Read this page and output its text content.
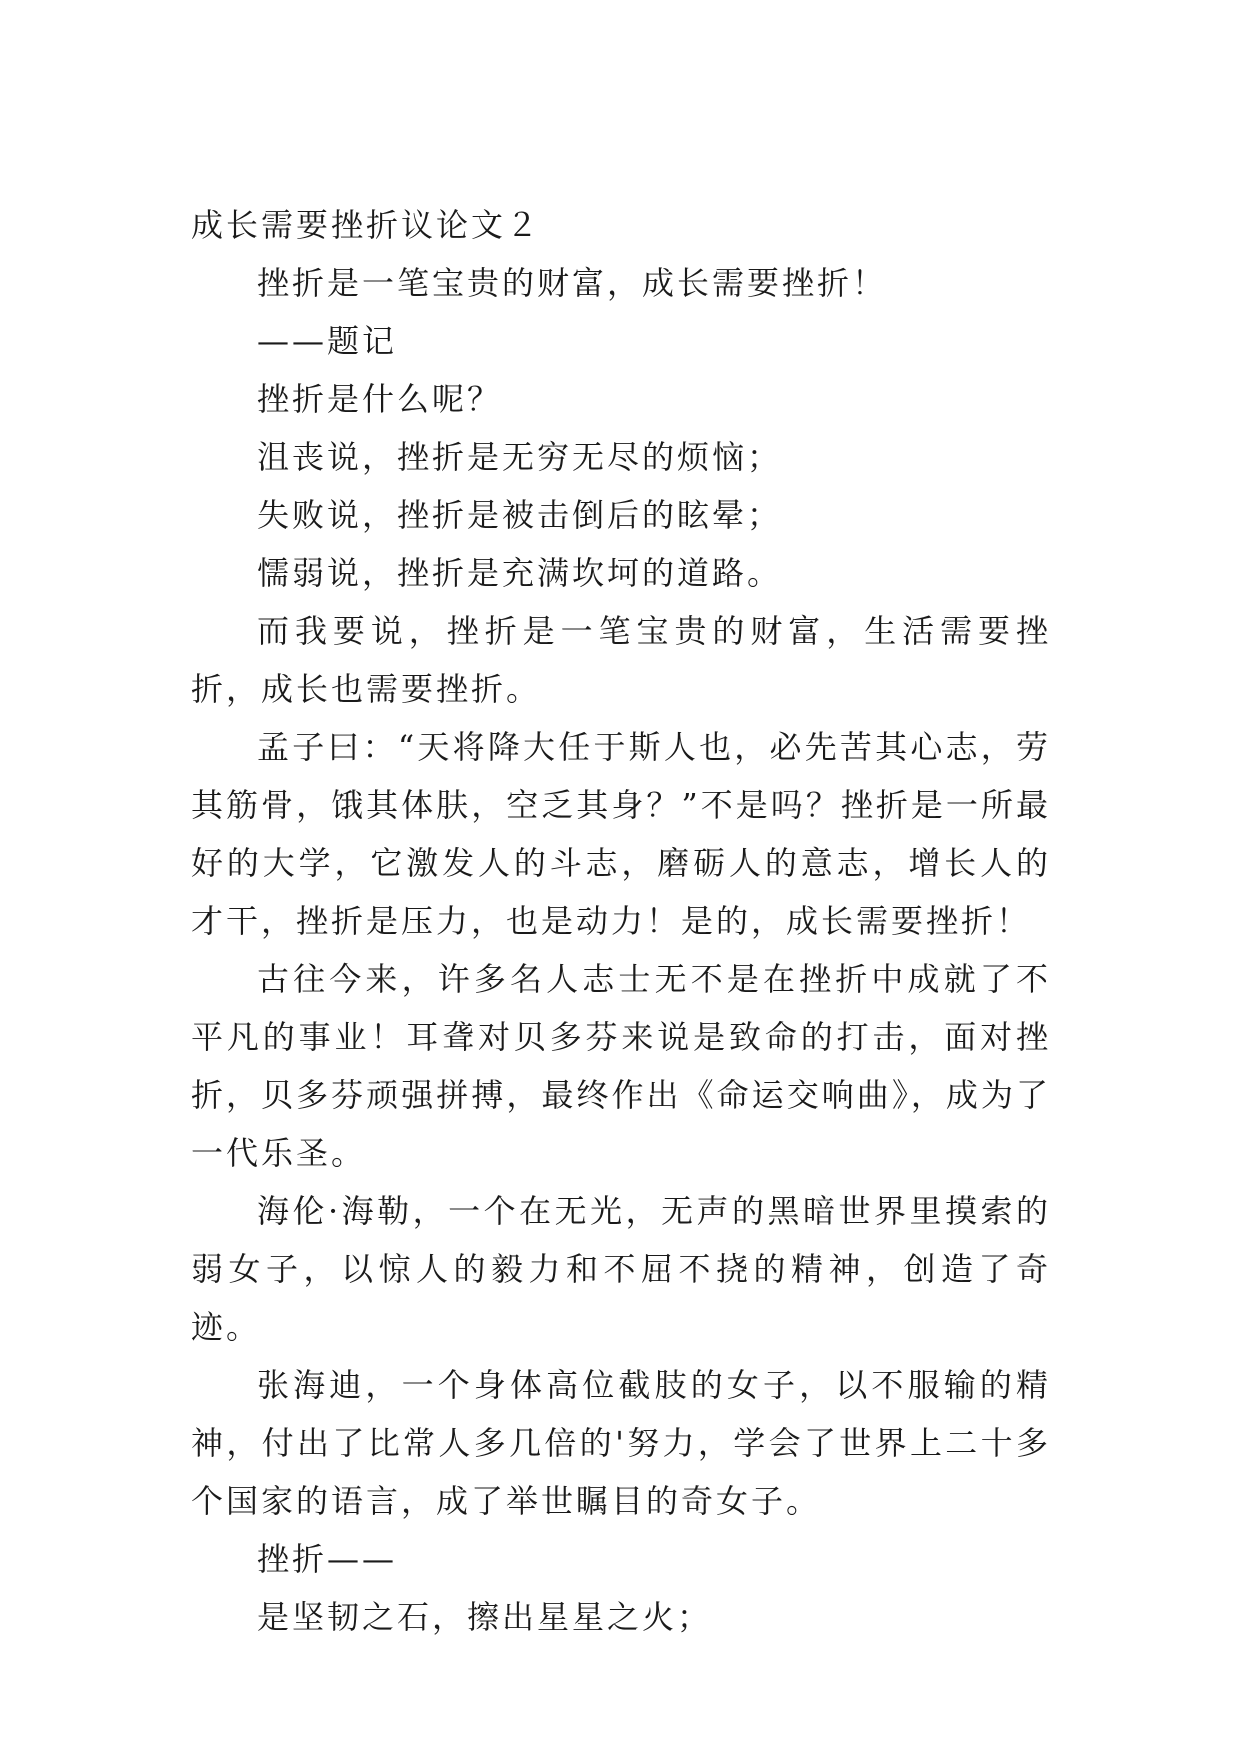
成长需要挫折议论文２

挫折是一笔宝贵的财富，成长需要挫折！

——题记

挫折是什么呢？

沮丧说，挫折是无穷无尽的烦恼；

失败说，挫折是被击倒后的眩晕；

懦弱说，挫折是充满坎坷的道路。

而我要说，挫折是一笔宝贵的财富，生活需要挫折，成长也需要挫折。

孟子曰：“天将降大任于斯人也，必先苦其心志，劳其筋骨，饿其体肤，空乏其身？”不是吗？挫折是一所最好的大学，它激发人的斗志，磨砺人的意志，增长人的才干，挫折是压力，也是动力！是的，成长需要挫折！

古往今来，许多名人志士无不是在挫折中成就了不平凡的事业！耳聋对贝多芬来说是致命的打击，面对挫折，贝多芬顽强拼搏，最终作出《命运交响曲》，成为了一代乐圣。

海伦·海勒，一个在无光，无声的黑暗世界里摸索的弱女子，以惊人的毅力和不屈不挠的精神，创造了奇迹。

张海迪，一个身体高位截肢的女子，以不服输的精神，付出了比常人多几倍的'努力，学会了世界上二十多个国家的语言，成了举世瞩目的奇女子。

挫折——

是坚韧之石，擦出星星之火；
